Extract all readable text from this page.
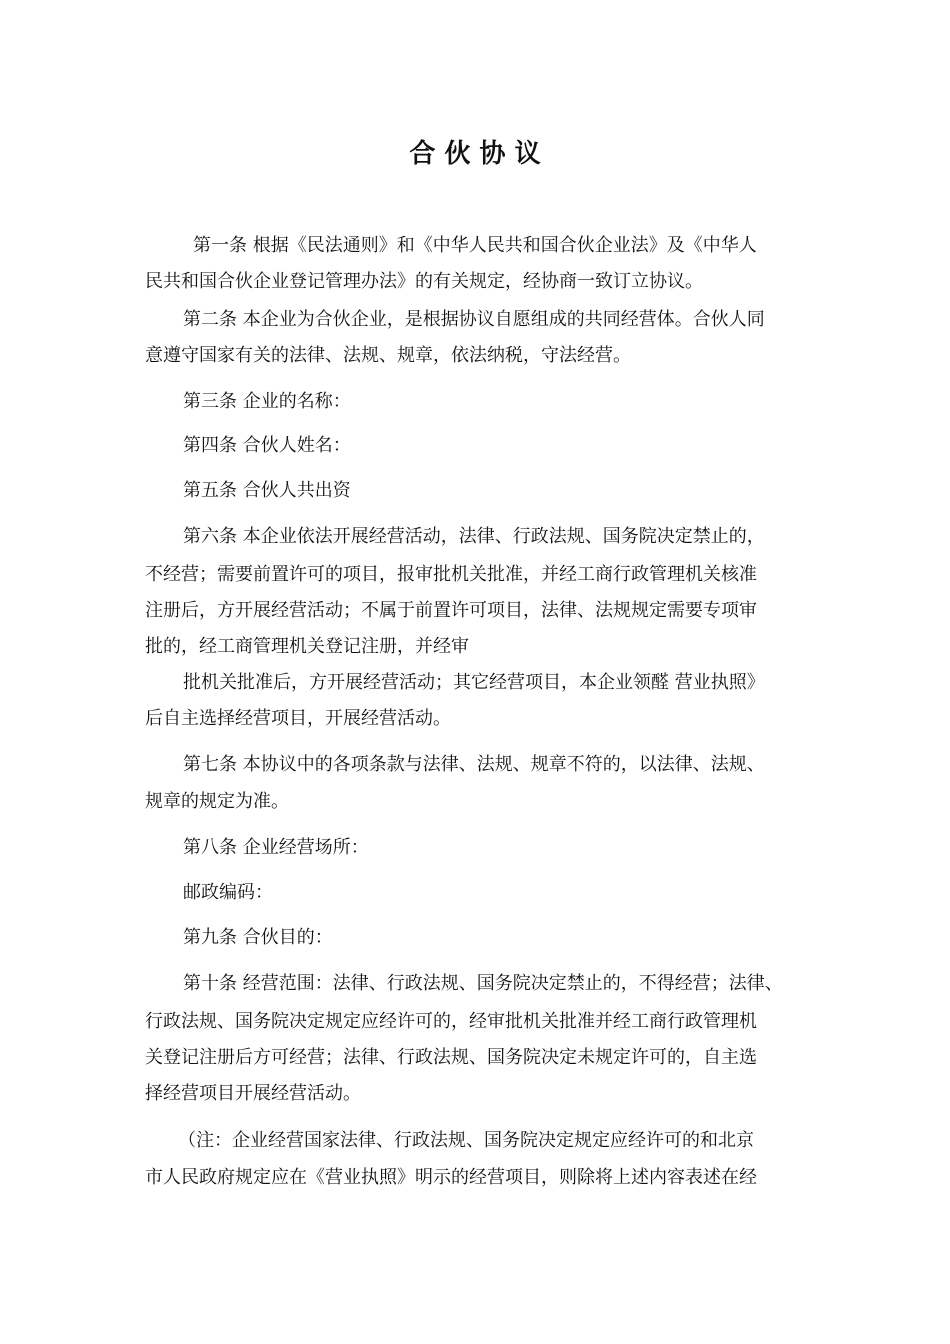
合 伙 协 议
第一条 根据《民法通则》和《中华人民共和国合伙企业法》及《中华人
民共和国合伙企业登记管理办法》的有关规定，经协商一致订立协议。
第二条 本企业为合伙企业，是根据协议自愿组成的共同经营体。合伙人同
意遵守国家有关的法律、法规、规章，依法纳税，守法经营。
第三条 企业的名称：
第四条 合伙人姓名：
第五条 合伙人共出资
第六条 本企业依法开展经营活动，法律、行政法规、国务院决定禁止的，
不经营；需要前置许可的项目，报审批机关批准，并经工商行政管理机关核准
注册后，方开展经营活动；不属于前置许可项目，法律、法规规定需要专项审
批的，经工商管理机关登记注册，并经审
批机关批准后，方开展经营活动；其它经营项目，本企业领醛 营业执照》
后自主选择经营项目，开展经营活动。
第七条 本协议中的各项条款与法律、法规、规章不符的，以法律、法规、
规章的规定为准。
第八条 企业经营场所：
邮政编码：
第九条 合伙目的：
第十条 经营范围：法律、行政法规、国务院决定禁止的，不得经营；法律、
行政法规、国务院决定规定应经许可的，经审批机关批准并经工商行政管理机
关登记注册后方可经营；法律、行政法规、国务院决定未规定许可的，自主选
择经营项目开展经营活动。
（注：企业经营国家法律、行政法规、国务院决定规定应经许可的和北京
市人民政府规定应在《营业执照》明示的经营项目，则除将上述内容表述在经
